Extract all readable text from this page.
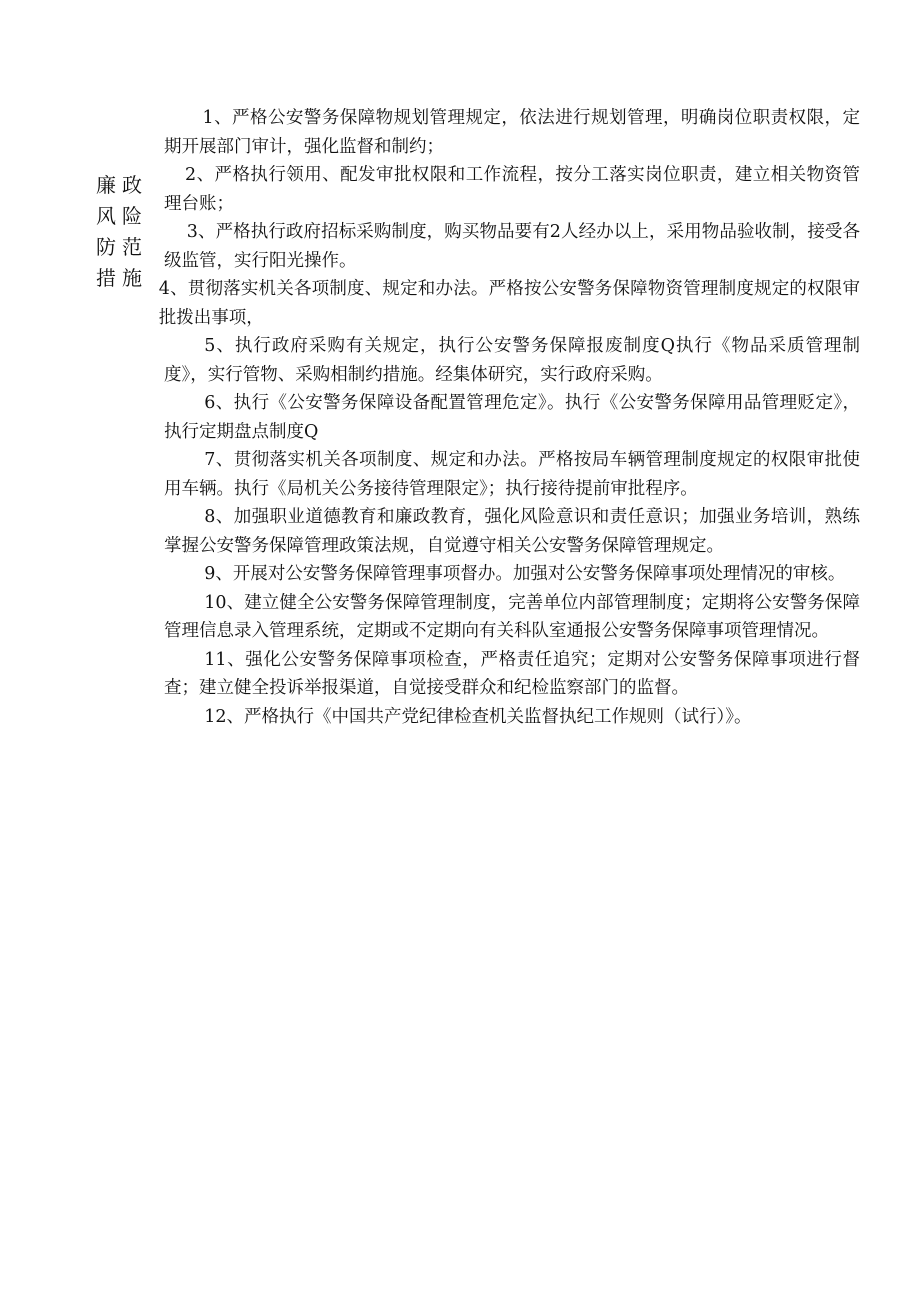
廉政
风险
防范
措施

1、严格公安警务保障物规划管理规定，依法进行规划管理，明确岗位职责权限，定期开展部门审计，强化监督和制约；

2、严格执行领用、配发审批权限和工作流程，按分工落实岗位职责，建立相关物资管理台账；

3、严格执行政府招标采购制度，购买物品要有2人经办以上，采用物品验收制，接受各级监管，实行阳光操作。

4、贯彻落实机关各项制度、规定和办法。严格按公安警务保障物资管理制度规定的权限审批拨出事项，

5、执行政府采购有关规定，执行公安警务保障报废制度Q执行《物品采质管理制度》，实行管物、采购相制约措施。经集体研究，实行政府采购。

6、执行《公安警务保障设备配置管理危定》。执行《公安警务保障用品管理贬定》，执行定期盘点制度Q

7、贯彻落实机关各项制度、规定和办法。严格按局车辆管理制度规定的权限审批使用车辆。执行《局机关公务接待管理限定》；执行接待提前审批程序。

8、加强职业道德教育和廉政教育，强化风险意识和责任意识；加强业务培训，熟练掌握公安警务保障管理政策法规，自觉遵守相关公安警务保障管理规定。

9、开展对公安警务保障管理事项督办。加强对公安警务保障事项处理情况的审核。

10、建立健全公安警务保障管理制度，完善单位内部管理制度；定期将公安警务保障管理信息录入管理系统，定期或不定期向有关科队室通报公安警务保障事项管理情况。

11、强化公安警务保障事项检查，严格责任追究；定期对公安警务保障事项进行督查；建立健全投诉举报渠道，自觉接受群众和纪检监察部门的监督。

12、严格执行《中国共产党纪律检查机关监督执纪工作规则（试行）》。
